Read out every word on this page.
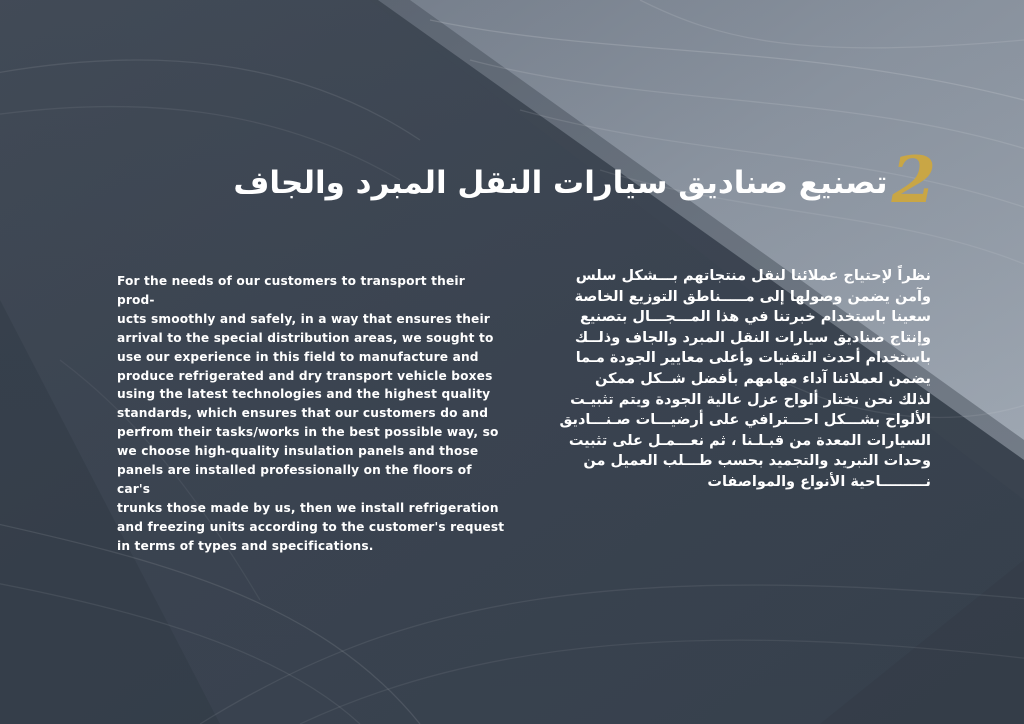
تصنيع صناديق سيارات النقل المبرد والجاف 2

For the needs of our customers to transport their prod-
ucts smoothly and safely, in a way that ensures their
arrival to the special distribution areas, we sought to
use our experience in this field to manufacture and
produce refrigerated and dry transport vehicle boxes
using the latest technologies and the highest quality
standards, which ensures that our customers do and
perfrom their tasks/works in the best possible way, so
we choose high-quality insulation panels and those
panels are installed professionally on the floors of car's
trunks those made by us, then we install refrigeration
and freezing units according to the customer's request
in terms of types and specifications.

نظراً لإحتياج عملائنا لنقل منتجاتهم بـــشكل سلس
وآمن يضمن وصولها إلى مـــــناطق التوزيع الخاصة
سعينا باستخدام خبرتنا في هذا المـــجـــال بتصنيع
وإنتاج صناديق سيارات النقل المبرد والجاف وذلــك
باستخدام أحدث التقنيات وأعلى معايير الجودة مـما
يضمن لعملائنا آداء مهامهم بأفضل شــكل ممكن
لذلك نحن نختار ألواح عزل عالية الجودة ويتم تثبيـت
الألواح بشـــكل احـــترافي على أرضيـــات صـنـــاديق
السيارات المعدة من قبـلـنا ، ثم نعـــمـل على تثبيت
وحدات التبريد والتجميد بحسب طـــلب العميل من
نـــــــــاحية الأنواع والمواصفات
